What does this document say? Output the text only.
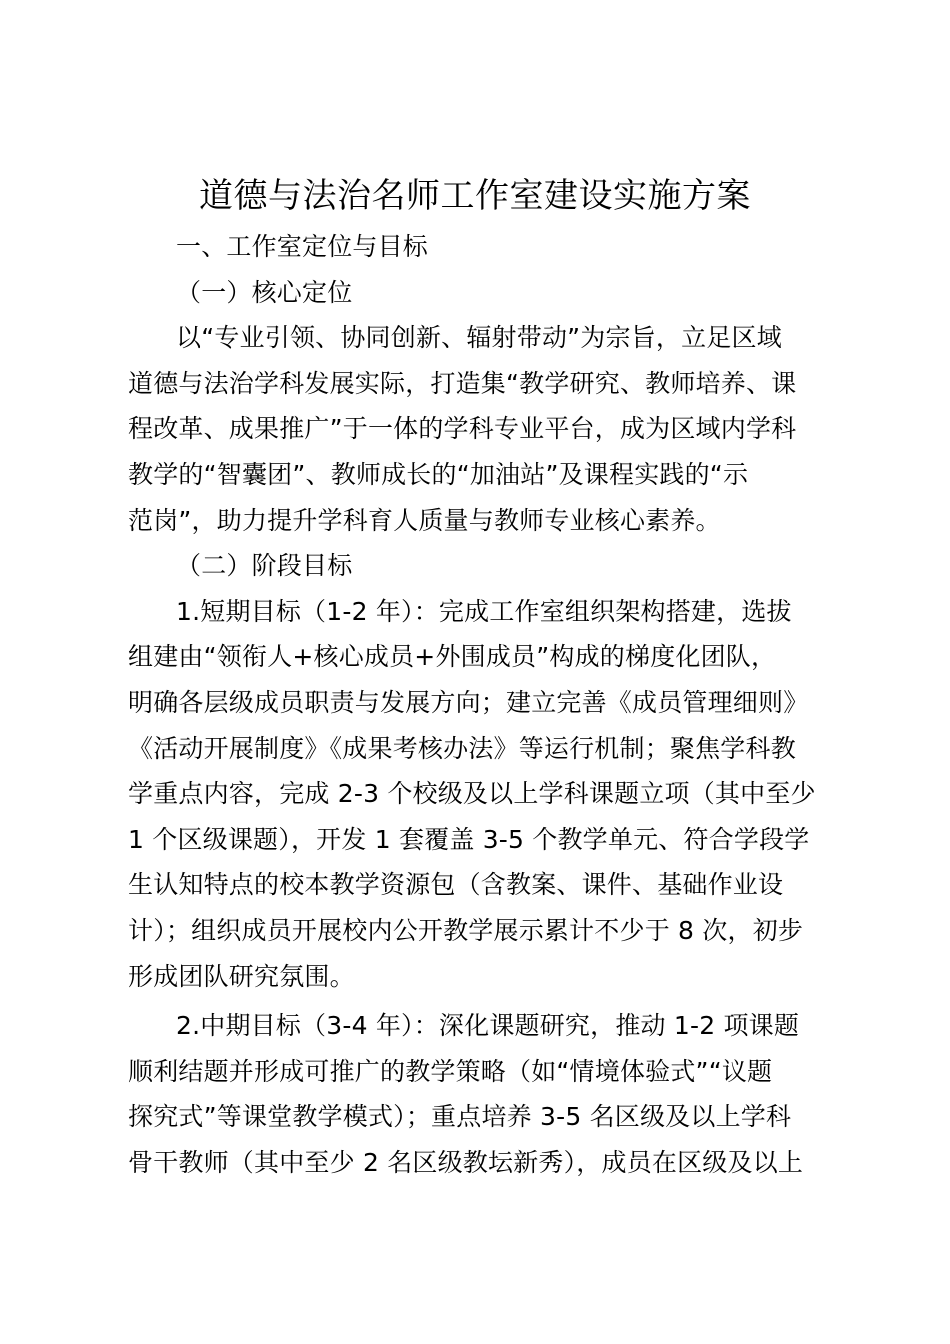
道德与法治名师工作室建设实施方案

一、工作室定位与目标

（一）核心定位

以“专业引领、协同创新、辐射带动”为宗旨，立足区域
道德与法治学科发展实际，打造集“教学研究、教师培养、课
程改革、成果推广”于一体的学科专业平台，成为区域内学科
教学的“智囊团”、教师成长的“加油站”及课程实践的“示
范岗”，助力提升学科育人质量与教师专业核心素养。

（二）阶段目标

1.短期目标（1-2 年）：完成工作室组织架构搭建，选拔
组建由“领衔人+核心成员+外围成员”构成的梯度化团队，
明确各层级成员职责与发展方向；建立完善《成员管理细则》
《活动开展制度》《成果考核办法》等运行机制；聚焦学科教
学重点内容，完成 2-3 个校级及以上学科课题立项（其中至少
1 个区级课题），开发 1 套覆盖 3-5 个教学单元、符合学段学
生认知特点的校本教学资源包（含教案、课件、基础作业设
计）；组织成员开展校内公开教学展示累计不少于 8 次，初步
形成团队研究氛围。
2.中期目标（3-4 年）：深化课题研究，推动 1-2 项课题
顺利结题并形成可推广的教学策略（如“情境体验式”“议题
探究式”等课堂教学模式）；重点培养 3-5 名区级及以上学科
骨干教师（其中至少 2 名区级教坛新秀），成员在区级及以上
